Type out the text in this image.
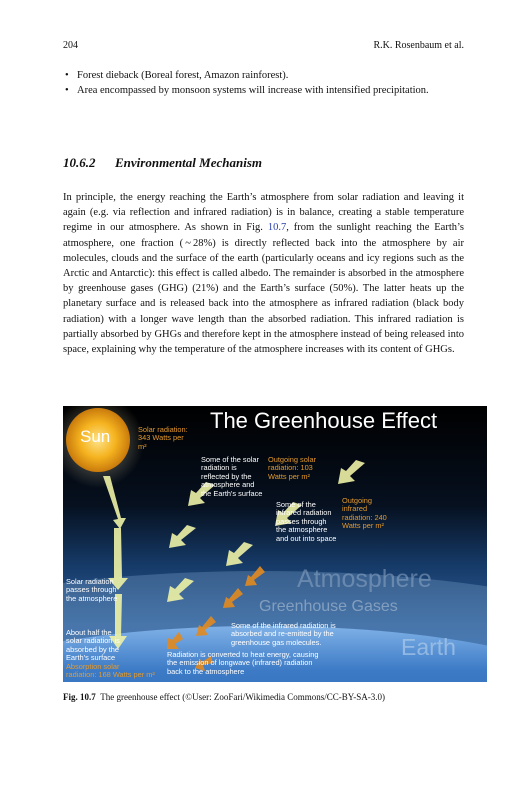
204	R.K. Rosenbaum et al.
• Forest dieback (Boreal forest, Amazon rainforest).
• Area encompassed by monsoon systems will increase with intensified precipitation.
10.6.2 Environmental Mechanism

In principle, the energy reaching the Earth’s atmosphere from solar radiation and leaving it again (e.g. via reflection and infrared radiation) is in balance, creating a stable temperature regime in our atmosphere. As shown in Fig. 10.7, from the sunlight reaching the Earth’s atmosphere, one fraction ( ~ 28%) is directly reflected back into the atmosphere by air molecules, clouds and the surface of the earth (particularly oceans and icy regions such as the Arctic and Antarctic): this effect is called albedo. The remainder is absorbed in the atmosphere by greenhouse gases (GHG) (21%) and the Earth’s surface (50%). The latter heats up the planetary surface and is released back into the atmosphere as infrared radiation (black body radiation) with a longer wave length than the absorbed radiation. This infrared radiation is partially absorbed by GHGs and therefore kept in the atmosphere instead of being released into space, explaining why the temperature of the atmosphere increases with its content of GHGs.

The Greenhouse Effect
Sun	Solar radiation:
343 Watts per
m²
Some of the solar
radiation is
reflected by the
atmosphere and
the Earth's surface
Outgoing solar
radiation: 103
Watts per m²
Some of the
infrared radiation
passes through
the atmosphere
and out into space
Outgoing
infrared
radiation: 240
Watts per m²
Atmosphere
Greenhouse Gases
Earth
Solar radiation
passes through
the atmosphere
About half the
solar radiation is
absorbed by the
Earth's surface
Absorption solar
radiation: 168 Watts per m²
Some of the infrared radiation is
absorbed and re-emitted by the
greenhouse gas molecules.
Radiation is converted to heat energy, causing
the emission of longwave (infrared) radiation
back to the atmosphere
Fig. 10.7 The greenhouse effect (©User: ZooFari/Wikimedia Commons/CC-BY-SA-3.0)
